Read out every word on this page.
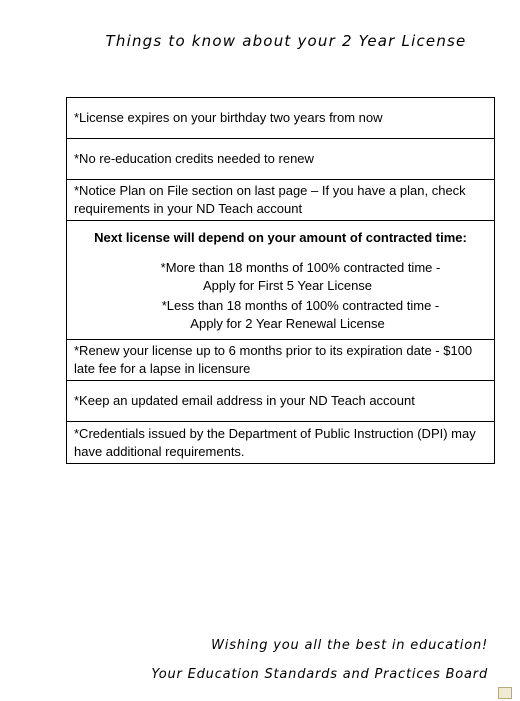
Things to know about your 2 Year License
*License expires on your birthday two years from now
*No re-education credits needed to renew
*Notice Plan on File section on last page – If you have a plan, check requirements in your ND Teach account

Next license will depend on your amount of contracted time:
*More than 18 months of 100% contracted time -
Apply for First 5 Year License
*Less than 18 months of 100% contracted time -
Apply for 2 Year Renewal License

*Renew your license up to 6 months prior to its expiration date - $100 late fee for a lapse in licensure
*Keep an updated email address in your ND Teach account
*Credentials issued by the Department of Public Instruction (DPI) may have additional requirements.
Wishing you all the best in education!
Your Education Standards and Practices Board
